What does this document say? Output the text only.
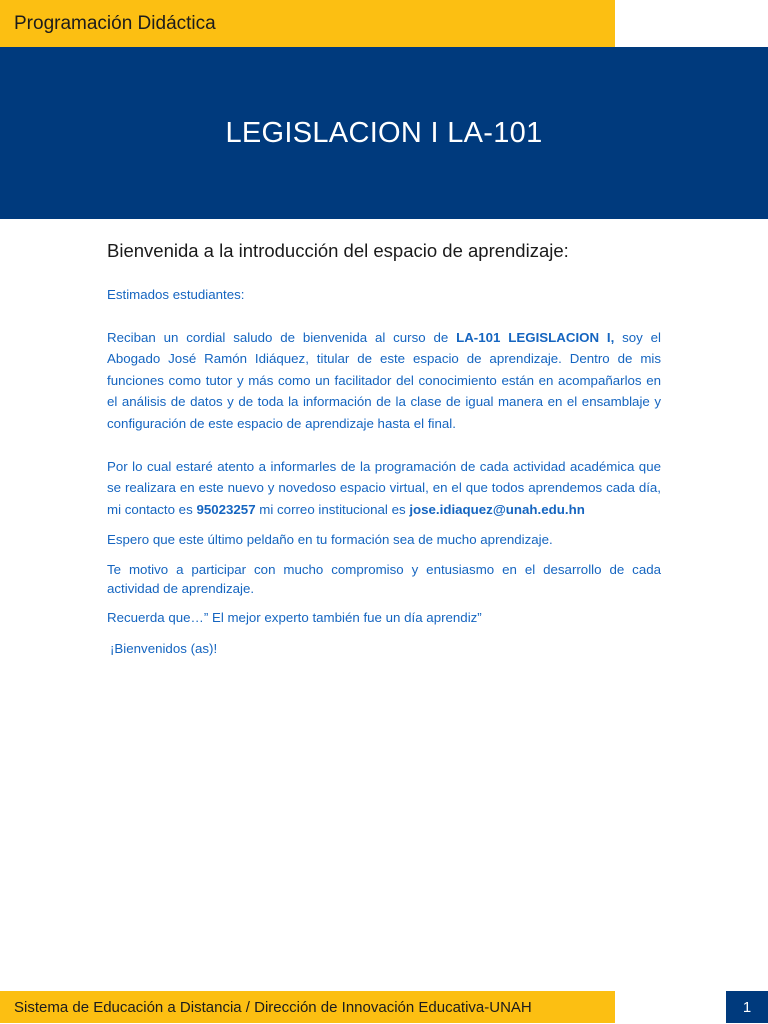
Programación Didáctica
LEGISLACION I LA-101
Bienvenida a la introducción del espacio de aprendizaje:

Estimados estudiantes:

Reciban un cordial saludo de bienvenida al curso de LA-101 LEGISLACION I, soy el Abogado José Ramón Idiáquez, titular de este espacio de aprendizaje. Dentro de mis funciones como tutor y más como un facilitador del conocimiento están en acompañarlos en el análisis de datos y de toda la información de la clase de igual manera en el ensamblaje y configuración de este espacio de aprendizaje hasta el final.

Por lo cual estaré atento a informarles de la programación de cada actividad académica que se realizara en este nuevo y novedoso espacio virtual, en el que todos aprendemos cada día, mi contacto es 95023257 mi correo institucional es jose.idiaquez@unah.edu.hn

Espero que este último peldaño en tu formación sea de mucho aprendizaje.

Te motivo a participar con mucho compromiso y entusiasmo en el desarrollo de cada actividad de aprendizaje.

Recuerda que…” El mejor experto también fue un día aprendiz”

¡Bienvenidos (as)!

Sistema de Educación a Distancia / Dirección de Innovación Educativa-UNAH	1
